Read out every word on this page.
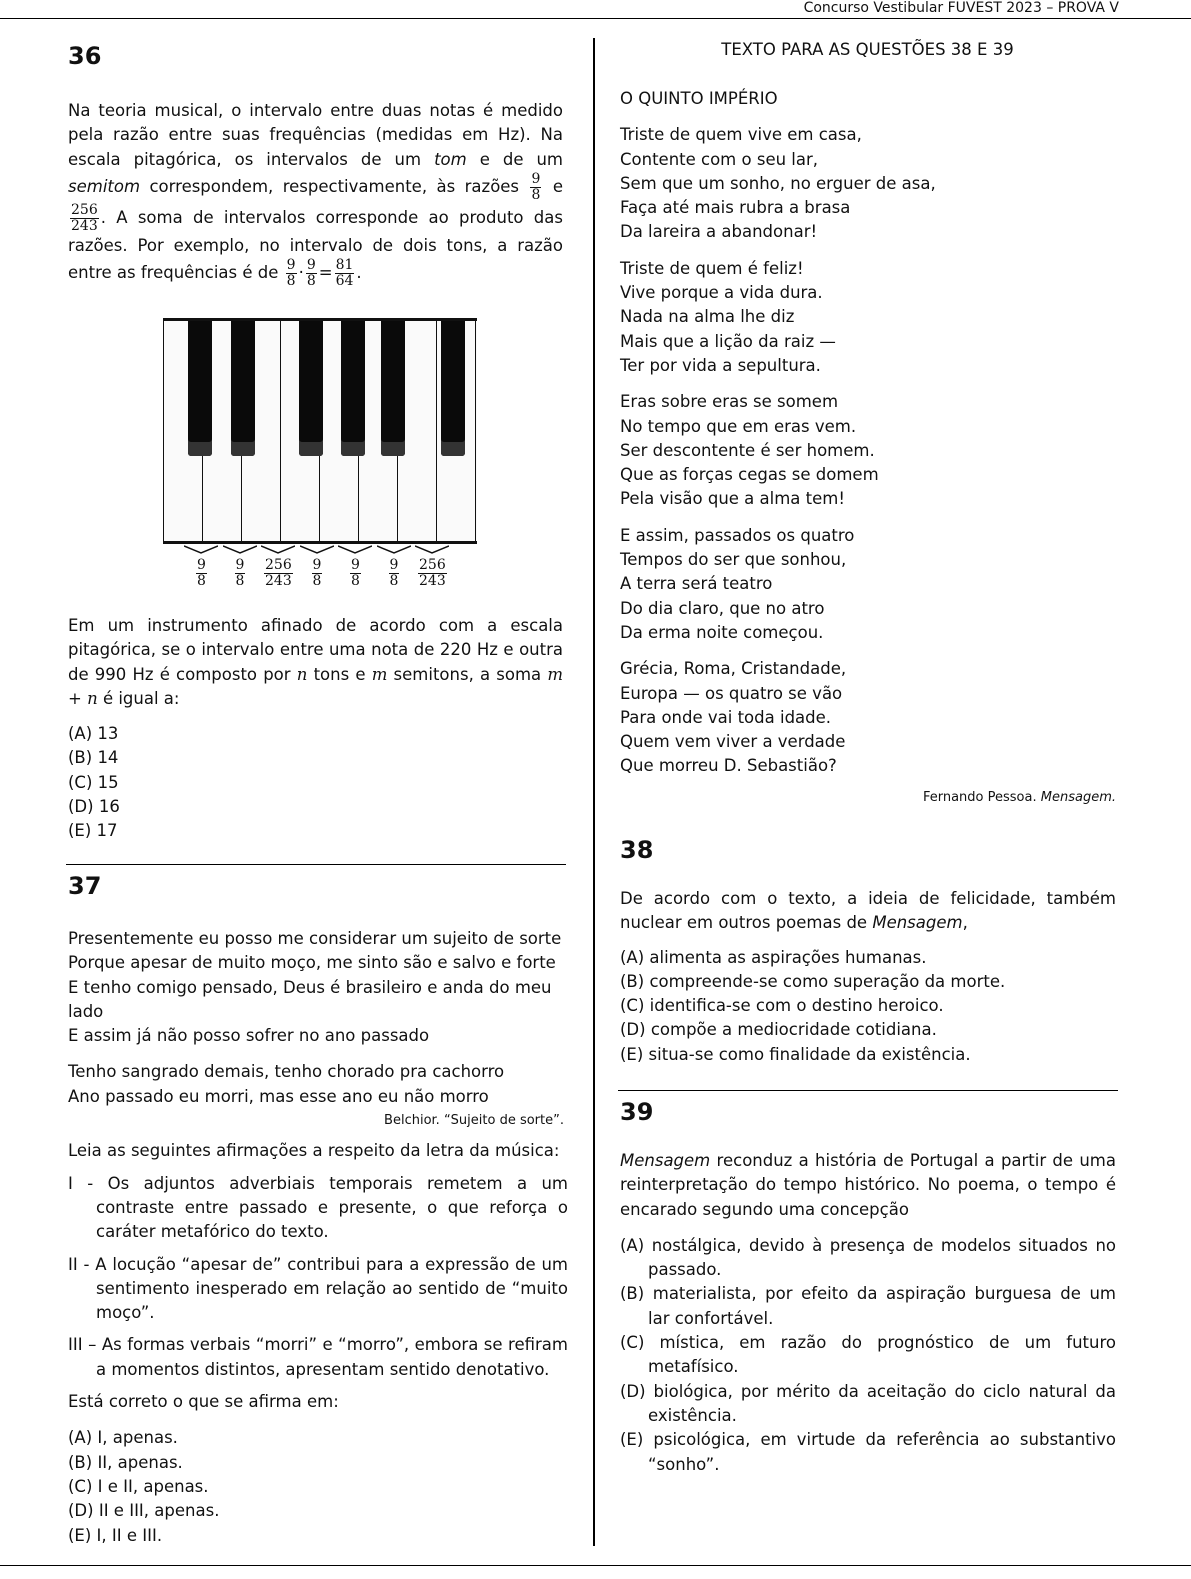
Concurso Vestibular FUVEST 2023 – PROVA V
36
Na teoria musical, o intervalo entre duas notas é medido pela razão entre suas frequências (medidas em Hz). Na escala pitagórica, os intervalos de um tom e de um semitom correspondem, respectivamente, às razões $\frac{9}{8}$ e
$\frac{256}{243}$ . A soma de intervalos corresponde ao produto das razões. Por exemplo, no intervalo de dois tons, a razão entre as frequências é de $\frac{9}{8} \cdot \frac{9}{8} = \frac{81}{64}$ .
$\frac{9}{8} \frac{9}{8} \frac{256}{243} \frac{9}{8} \frac{9}{8} \frac{9}{8} \frac{256}{243}$
Em um instrumento afinado de acordo com a escala pitagórica, se o intervalo entre uma nota de 220 Hz e outra de 990 Hz é composto por n tons e m semitons, a soma m + n é igual a:
(A) 13
(B) 14
(C) 15
(D) 16
(E) 17
37
Presentemente eu posso me considerar um sujeito de sorte
Porque apesar de muito moço, me sinto são e salvo e forte
E tenho comigo pensado, Deus é brasileiro e anda do meu lado
E assim já não posso sofrer no ano passado
Tenho sangrado demais, tenho chorado pra cachorro
Ano passado eu morri, mas esse ano eu não morro
Belchior. “Sujeito de sorte”.
Leia as seguintes afirmações a respeito da letra da música:
I - Os adjuntos adverbiais temporais remetem a um contraste entre passado e presente, o que reforça o caráter metafórico do texto.
II - A locução “apesar de” contribui para a expressão de um sentimento inesperado em relação ao sentido de “muito moço”.
III – As formas verbais “morri” e “morro”, embora se refiram a momentos distintos, apresentam sentido denotativo.
Está correto o que se afirma em:
(A) I, apenas.
(B) II, apenas.
(C) I e II, apenas.
(D) II e III, apenas.
(E) I, II e III.
TEXTO PARA AS QUESTÕES 38 E 39
O QUINTO IMPÉRIO
Triste de quem vive em casa,
Contente com o seu lar,
Sem que um sonho, no erguer de asa,
Faça até mais rubra a brasa
Da lareira a abandonar!
Triste de quem é feliz!
Vive porque a vida dura.
Nada na alma lhe diz
Mais que a lição da raiz —
Ter por vida a sepultura.
Eras sobre eras se somem
No tempo que em eras vem.
Ser descontente é ser homem.
Que as forças cegas se domem
Pela visão que a alma tem!
E assim, passados os quatro
Tempos do ser que sonhou,
A terra será teatro
Do dia claro, que no atro
Da erma noite começou.
Grécia, Roma, Cristandade,
Europa — os quatro se vão
Para onde vai toda idade.
Quem vem viver a verdade
Que morreu D. Sebastião?
Fernando Pessoa. Mensagem.
38
De acordo com o texto, a ideia de felicidade, também nuclear em outros poemas de Mensagem,
(A) alimenta as aspirações humanas.
(B) compreende-se como superação da morte.
(C) identifica-se com o destino heroico.
(D) compõe a mediocridade cotidiana.
(E) situa-se como finalidade da existência.
39
Mensagem reconduz a história de Portugal a partir de uma reinterpretação do tempo histórico. No poema, o tempo é encarado segundo uma concepção
(A) nostálgica, devido à presença de modelos situados no passado.
(B) materialista, por efeito da aspiração burguesa de um lar confortável.
(C) mística, em razão do prognóstico de um futuro metafísico.
(D) biológica, por mérito da aceitação do ciclo natural da existência.
(E) psicológica, em virtude da referência ao substantivo “sonho”.
